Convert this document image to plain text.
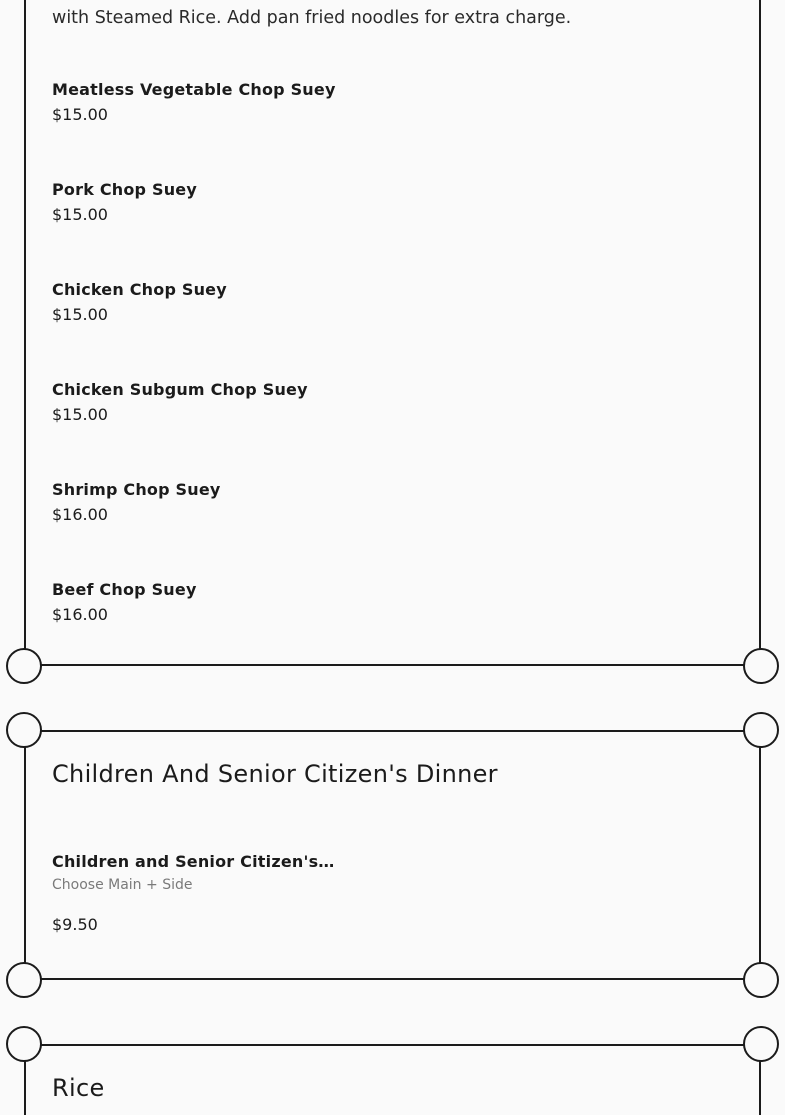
with Steamed Rice. Add pan fried noodles for extra charge.
Meatless Vegetable Chop Suey
$15.00
Pork Chop Suey
$15.00
Chicken Chop Suey
$15.00
Chicken Subgum Chop Suey
$15.00
Shrimp Chop Suey
$16.00
Beef Chop Suey
$16.00
Children And Senior Citizen's Dinner
Children and Senior Citizen's…
Choose Main + Side
$9.50
Rice
